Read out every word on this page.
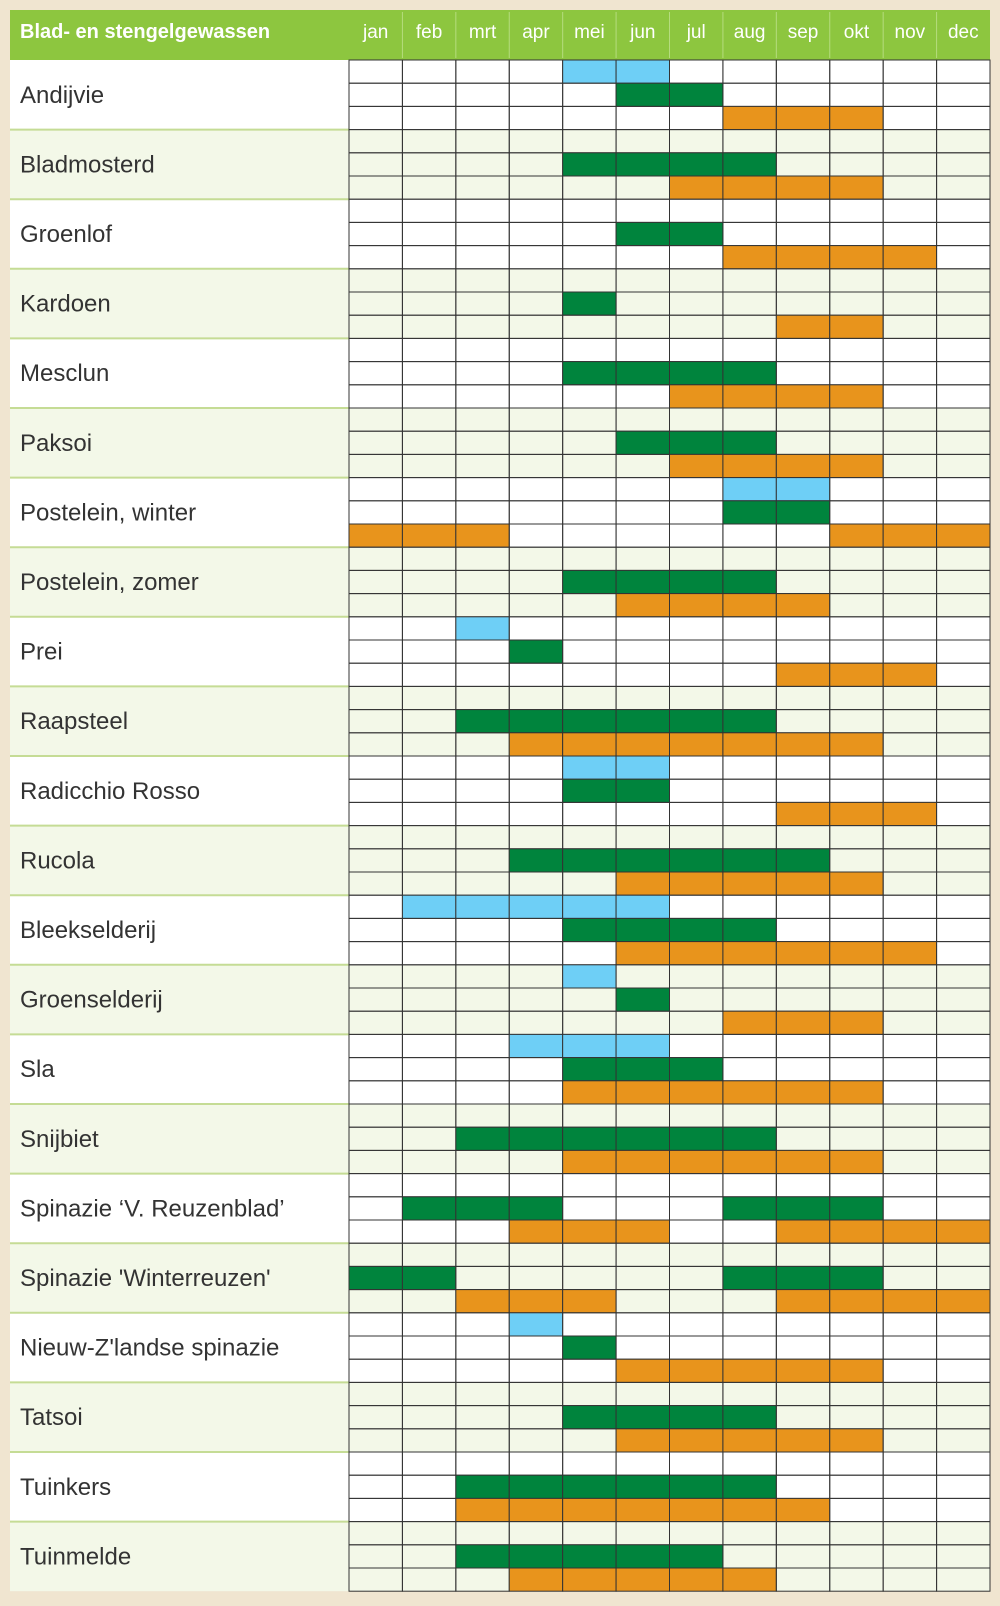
Blad- en stengelgewassen	jan feb mrt apr mei jun jul aug sep okt nov dec
Andijvie
Bladmosterd
Groenlof
Kardoen
Mesclun
Paksoi
Postelein, winter
Postelein, zomer
Prei
Raapsteel
Radicchio Rosso
Rucola
Bleekselderij
Groenselderij
Sla
Snijbiet
Spinazie ‘V. Reuzenblad’
Spinazie 'Winterreuzen'
Nieuw-Z'landse spinazie
Tatsoi
Tuinkers
Tuinmelde
